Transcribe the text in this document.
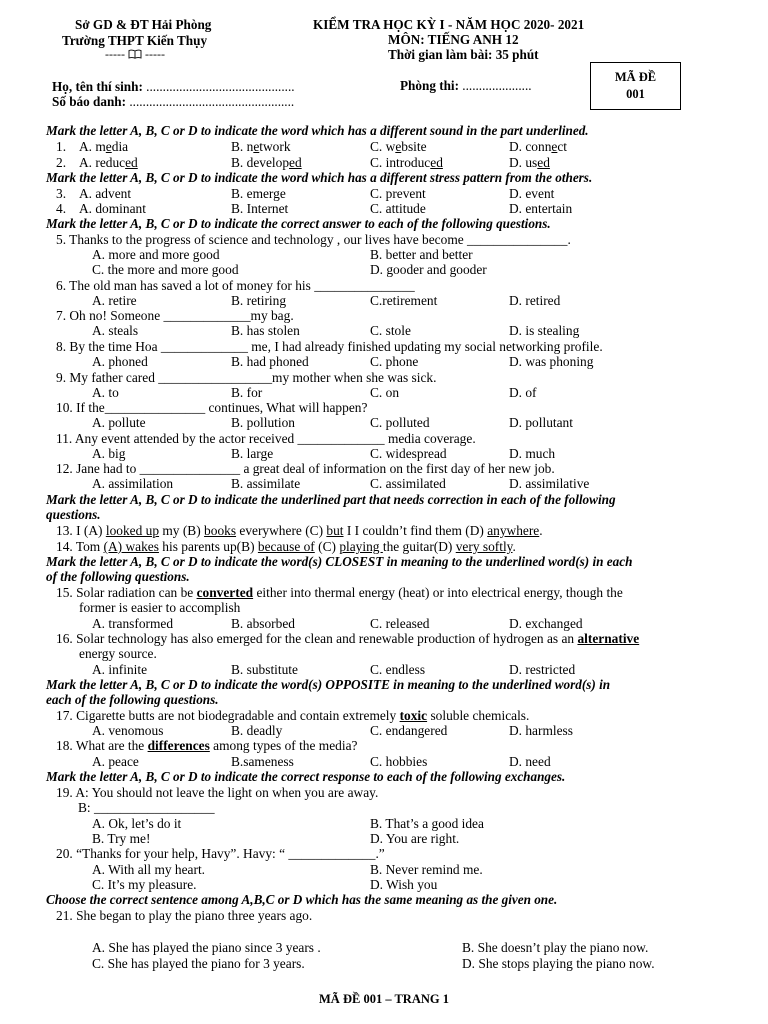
Sở GD & ĐT Hải Phòng
Trường THPT Kiến Thụy
----- -----
KIỂM TRA HỌC KỲ I - NĂM HỌC 2020- 2021
MÔN: TIẾNG ANH 12
Thời gian làm bài: 35 phút
Họ, tên thí sinh: .............................................
Số báo danh: ..................................................
Phòng thi: .....................
MÃ ĐỀ
001
Mark the letter A, B, C or D to indicate the word which has a different sound in the part underlined.
1. A. media	B. network	C. website	D. connect
2. A. reduced	B. developed	C. introduced	D. used
Mark the letter A, B, C or D to indicate the word which has a different stress pattern from the others.
3. A. advent	B. emerge	C. prevent	D. event
4. A. dominant	B. Internet	C. attitude	D. entertain
Mark the letter A, B, C or D to indicate the correct answer to each of the following questions.
5. Thanks to the progress of science and technology , our lives have become _______________.
A. more and more good	B. better and better
C. the more and more good	D. gooder and gooder
6. The old man has saved a lot of money for his _______________
A. retire	B. retiring	C.retirement	D. retired
7. Oh no! Someone _____________my bag.
A. steals	B. has stolen	C. stole	D. is stealing
8. By the time Hoa _____________ me, I had already finished updating my social networking profile.
A. phoned	B. had phoned	C. phone	D. was phoning
9. My father cared _________________my mother when she was sick.
A. to	B. for	C. on	D. of
10. If the_______________ continues, What will happen?
A. pollute	B. pollution	C. polluted	D. pollutant
11. Any event attended by the actor received _____________ media coverage.
A. big	B. large	C. widespread	D. much
12. Jane had to _______________ a great deal of information on the first day of her new job.
A. assimilation	B. assimilate	C. assimilated	D. assimilative
Mark the letter A, B, C or D to indicate the underlined part that needs correction in each of the following
questions.
13. I (A) looked up my (B) books everywhere (C) but I I couldn’t find them (D) anywhere.
14. Tom (A) wakes his parents up(B) because of (C) playing the guitar(D) very softly.
Mark the letter A, B, C or D to indicate the word(s) CLOSEST in meaning to the underlined word(s) in each
of the following questions.
15. Solar radiation can be converted either into thermal energy (heat) or into electrical energy, though the
former is easier to accomplish
A. transformed	B. absorbed	C. released	D. exchanged
16. Solar technology has also emerged for the clean and renewable production of hydrogen as an alternative
energy source.
A. infinite	B. substitute	C. endless	D. restricted
Mark the letter A, B, C or D to indicate the word(s) OPPOSITE in meaning to the underlined word(s) in
each of the following questions.
17. Cigarette butts are not biodegradable and contain extremely toxic soluble chemicals.
A. venomous	B. deadly	C. endangered	D. harmless
18. What are the differences among types of the media?
A. peace	B.sameness	C. hobbies	D. need
Mark the letter A, B, C or D to indicate the correct response to each of the following exchanges.
19. A: You should not leave the light on when you are away.
B: __________________
A. Ok, let’s do it	B. That’s a good idea
B. Try me!	D. You are right.
20. “Thanks for your help, Havy”. Havy: “ _____________.”
A. With all my heart.	B. Never remind me.
C. It’s my pleasure.	D. Wish you
Choose the correct sentence among A,B,C or D which has the same meaning as the given one.
21. She began to play the piano three years ago.
A. She has played the piano since 3 years .	B. She doesn’t play the piano now.
C. She has played the piano for 3 years.	D. She stops playing the piano now.
MÃ ĐỀ 001 – TRANG 1
